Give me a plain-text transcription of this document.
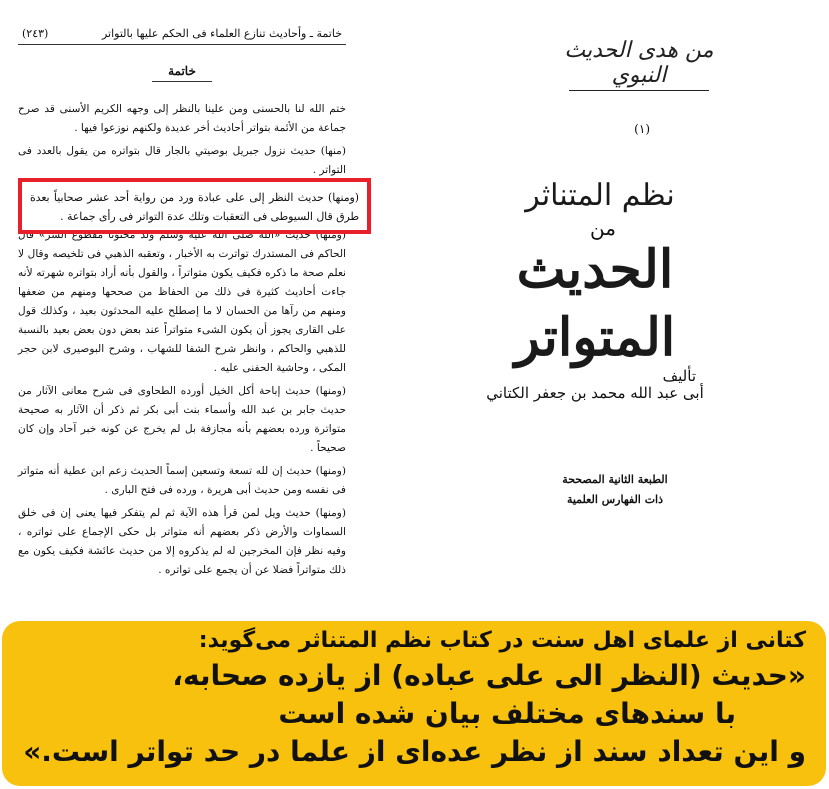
خاتمة ـ وأحاديث تنازع العلماء فى الحكم عليها بالتواتر
(٢٤٣)
خاتمة

ختم الله لنا بالحسنى ومن علينا بالنظر إلى وجهه الكريم الأسنى قد صرح جماعة من الأئمة بتواتر أحاديث أخر عديدة ولكنهم نوزعوا فيها .

(منها) حديث نزول جبريل بوصيتي بالجار قال بتواتره من يقول بالعدد فى التواتر .

(ومنها) حديث «الله صلى الله عليه وسلم ولد مختونا مقطوع السر» قال الحاكم فى المستدرك تواترت به الأخبار ، وتعقبه الذهبي فى تلخيصه وقال لا نعلم صحة ما ذكره فكيف يكون متواتراً ، والقول بأنه أراد بتواتره شهرته لأنه جاءت أحاديث كثيرة فى ذلك من الحفاظ من صححها ومنهم من ضعفها ومنهم من رآها من الحسان لا ما إصطلح عليه المحدثون بعيد ، وكذلك قول على القارى يجوز أن يكون الشىء متواتراً عند بعض دون بعض بعيد بالنسبة للذهبي والحاكم ، وانظر شرح الشفا للشهاب ، وشرح البوصيرى لابن حجر المكى ، وحاشية الحفنى عليه .

(ومنها) حديث إباحة أكل الخيل أورده الطحاوى فى شرح معانى الآثار من حديث جابر بن عبد الله وأسماء بنت أبى بكر ثم ذكر أن الآثار به صحيحة متواترة ورده بعضهم بأنه مجازفة بل لم يخرج عن كونه خبر آحاد وإن كان صحيحاً .

(ومنها) حديث إن لله تسعة وتسعين إسماً الحديث زعم ابن عطية أنه متواتر فى نفسه ومن حديث أبى هريرة ، ورده فى فتح البارى .

(ومنها) حديث ويل لمن قرأ هذه الآية ثم لم يتفكر فيها يعنى إن فى خلق السماوات والأرض ذكر بعضهم أنه متواتر بل حكى الإجماع على تواتره ، وفيه نظر فإن المخرجين له لم يذكروه إلا من حديث عائشة فكيف يكون مع ذلك متواتراً فضلا عن أن يجمع على تواتره .

(ومنها) حديث النظر إلى على عبادة ورد من رواية أحد عشر صحابياً بعدة طرق قال السيوطى فى التعقبات وتلك عدة التواتر فى رأى جماعة .

من هدى الحديث النبوي
(١)
نظم المتناثر
من
الحديث المتواتر
تأليف
أبى عبد الله محمد بن جعفر الكتاني
الطبعة الثانية المصححة
ذات الفهارس العلمية
کتانی از علمای اهل سنت در کتاب نظم المتناثر می‌گوید:
«حدیث (النظر الی علی عباده) از یازده صحابه،
با سندهای مختلف بیان شده است
و این تعداد سند از نظر عده‌ای از علما در حد تواتر است.»
